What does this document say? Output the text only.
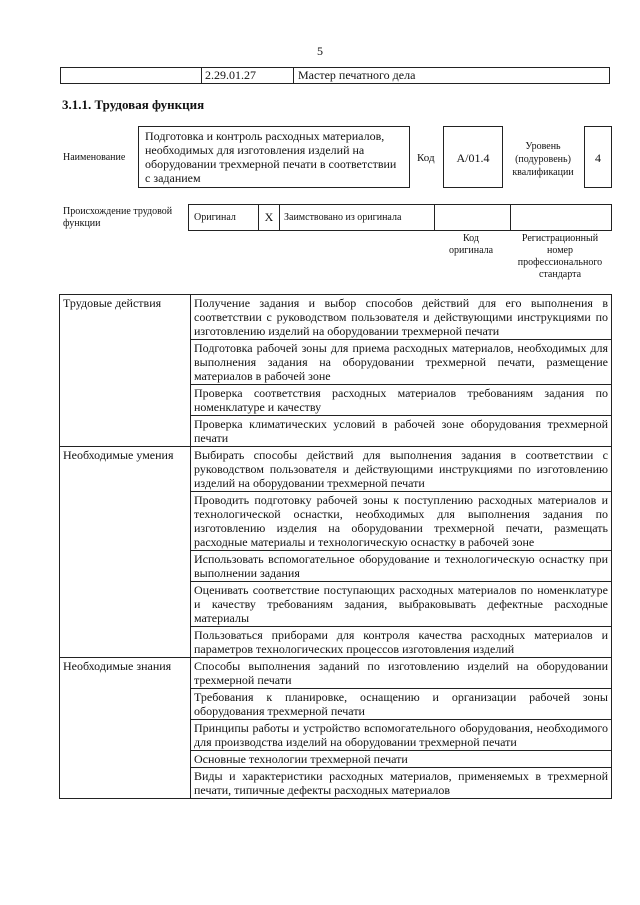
5
	2.29.01.27	Мастер печатного дела
3.1.1. Трудовая функция
Наименование
Подготовка и контроль расходных материалов, необходимых для изготовления изделий на оборудовании трехмерной печати в соответствии с заданием
Код	A/01.4
Уровень (подуровень) квалификации
4
Происхождение трудовой функции
Оригинал	X	Заимствовано из оригинала		
Код оригинала
Регистрационный номер профессионального стандарта
Трудовые действия	Получение задания и выбор способов действий для его выполнения в соответствии с руководством пользователя и действующими инструкциями по изготовлению изделий на оборудовании трехмерной печати
	Подготовка рабочей зоны для приема расходных материалов, необходимых для выполнения задания на оборудовании трехмерной печати, размещение материалов в рабочей зоне
	Проверка соответствия расходных материалов требованиям задания по номенклатуре и качеству
	Проверка климатических условий в рабочей зоне оборудования трехмерной печати
Необходимые умения	Выбирать способы действий для выполнения задания в соответствии с руководством пользователя и действующими инструкциями по изготовлению изделий на оборудовании трехмерной печати
	Проводить подготовку рабочей зоны к поступлению расходных материалов и технологической оснастки, необходимых для выполнения задания по изготовлению изделия на оборудовании трехмерной печати, размещать расходные материалы и технологическую оснастку в рабочей зоне
	Использовать вспомогательное оборудование и технологическую оснастку при выполнении задания
	Оценивать соответствие поступающих расходных материалов по номенклатуре и качеству требованиям задания, выбраковывать дефектные расходные материалы
	Пользоваться приборами для контроля качества расходных материалов и параметров технологических процессов изготовления изделий
Необходимые знания	Способы выполнения заданий по изготовлению изделий на оборудовании трехмерной печати
	Требования к планировке, оснащению и организации рабочей зоны оборудования трехмерной печати
	Принципы работы и устройство вспомогательного оборудования, необходимого для производства изделий на оборудовании трехмерной печати
	Основные технологии трехмерной печати
	Виды и характеристики расходных материалов, применяемых в трехмерной печати, типичные дефекты расходных материалов
